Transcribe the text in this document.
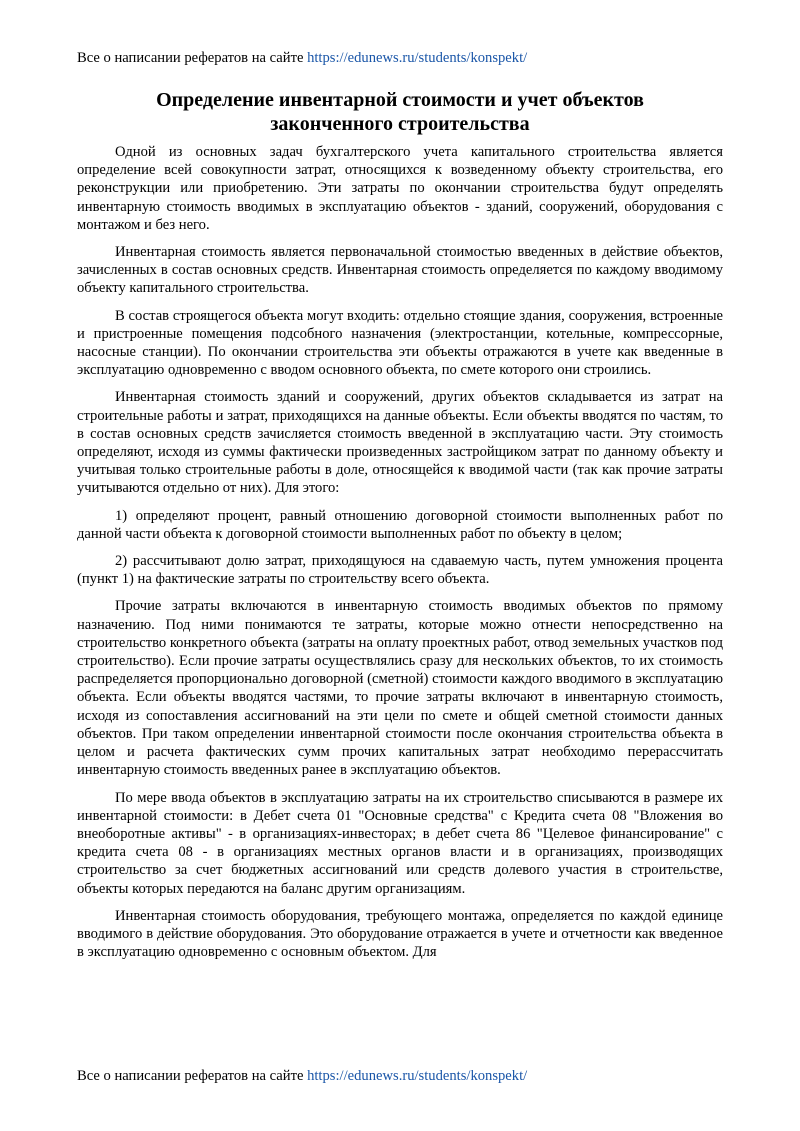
Все о написании рефератов на сайте https://edunews.ru/students/konspekt/
Определение инвентарной стоимости и учет объектов
законченного строительства

Одной из основных задач бухгалтерского учета капитального строительства является определение всей совокупности затрат, относящихся к возведенному объекту строительства, его реконструкции или приобретению. Эти затраты по окончании строительства будут определять инвентарную стоимость вводимых в эксплуатацию объектов - зданий, сооружений, оборудования с монтажом и без него.

Инвентарная стоимость является первоначальной стоимостью введенных в действие объектов, зачисленных в состав основных средств. Инвентарная стоимость определяется по каждому вводимому объекту капитального строительства.

В состав строящегося объекта могут входить: отдельно стоящие здания, сооружения, встроенные и пристроенные помещения подсобного назначения (электростанции, котельные, компрессорные, насосные станции). По окончании строительства эти объекты отражаются в учете как введенные в эксплуатацию одновременно с вводом основного объекта, по смете которого они строились.

Инвентарная стоимость зданий и сооружений, других объектов складывается из затрат на строительные работы и затрат, приходящихся на данные объекты. Если объекты вводятся по частям, то в состав основных средств зачисляется стоимость введенной в эксплуатацию части. Эту стоимость определяют, исходя из суммы фактически произведенных застройщиком затрат по данному объекту и учитывая только строительные работы в доле, относящейся к вводимой части (так как прочие затраты учитываются отдельно от них). Для этого:

1) определяют процент, равный отношению договорной стоимости выполненных работ по данной части объекта к договорной стоимости выполненных работ по объекту в целом;

2) рассчитывают долю затрат, приходящуюся на сдаваемую часть, путем умножения процента (пункт 1) на фактические затраты по строительству всего объекта.

Прочие затраты включаются в инвентарную стоимость вводимых объектов по прямому назначению. Под ними понимаются те затраты, которые можно отнести непосредственно на строительство конкретного объекта (затраты на оплату проектных работ, отвод земельных участков под строительство). Если прочие затраты осуществлялись сразу для нескольких объектов, то их стоимость распределяется пропорционально договорной (сметной) стоимости каждого вводимого в эксплуатацию объекта. Если объекты вводятся частями, то прочие затраты включают в инвентарную стоимость, исходя из сопоставления ассигнований на эти цели по смете и общей сметной стоимости данных объектов. При таком определении инвентарной стоимости после окончания строительства объекта в целом и расчета фактических сумм прочих капитальных затрат необходимо перерассчитать инвентарную стоимость введенных ранее в эксплуатацию объектов.

По мере ввода объектов в эксплуатацию затраты на их строительство списываются в размере их инвентарной стоимости: в Дебет счета 01 "Основные средства" с Кредита счета 08 "Вложения во внеоборотные активы" - в организациях-инвесторах; в дебет счета 86 "Целевое финансирование" с кредита счета 08 - в организациях местных органов власти и в организациях, производящих строительство за счет бюджетных ассигнований или средств долевого участия в строительстве, объекты которых передаются на баланс другим организациям.

Инвентарная стоимость оборудования, требующего монтажа, определяется по каждой единице вводимого в действие оборудования. Это оборудование отражается в учете и отчетности как введенное в эксплуатацию одновременно с основным объектом. Для

Все о написании рефератов на сайте https://edunews.ru/students/konspekt/
